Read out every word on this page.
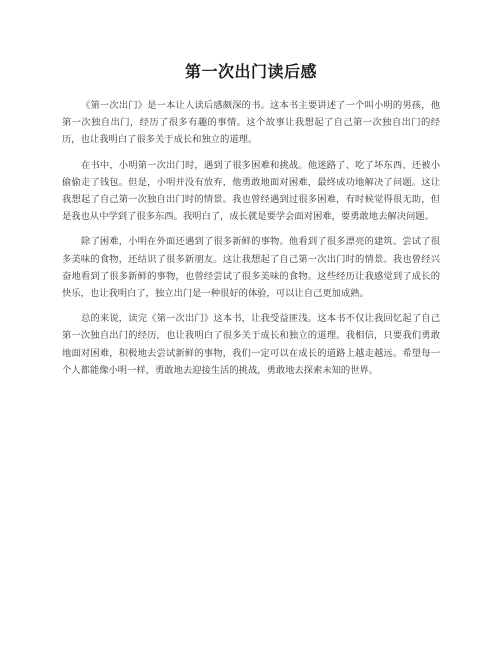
第一次出门读后感

《第一次出门》是一本让人读后感颇深的书。这本书主要讲述了一个叫小明的男孩，他第一次独自出门，经历了很多有趣的事情。这个故事让我想起了自己第一次独自出门的经历，也让我明白了很多关于成长和独立的道理。

在书中，小明第一次出门时，遇到了很多困难和挑战。他迷路了、吃了坏东西、还被小偷偷走了钱包。但是，小明并没有放弃，他勇敢地面对困难，最终成功地解决了问题。这让我想起了自己第一次独自出门时的情景。我也曾经遇到过很多困难，有时候觉得很无助，但是我也从中学到了很多东西。我明白了，成长就是要学会面对困难，要勇敢地去解决问题。

除了困难，小明在外面还遇到了很多新鲜的事物。他看到了很多漂亮的建筑、尝试了很多美味的食物，还结识了很多新朋友。这让我想起了自己第一次出门时的情景。我也曾经兴奋地看到了很多新鲜的事物，也曾经尝试了很多美味的食物。这些经历让我感觉到了成长的快乐，也让我明白了，独立出门是一种很好的体验，可以让自己更加成熟。

总的来说，读完《第一次出门》这本书，让我受益匪浅。这本书不仅让我回忆起了自己第一次独自出门的经历，也让我明白了很多关于成长和独立的道理。我相信，只要我们勇敢地面对困难，积极地去尝试新鲜的事物，我们一定可以在成长的道路上越走越远。希望每一个人都能像小明一样，勇敢地去迎接生活的挑战，勇敢地去探索未知的世界。
